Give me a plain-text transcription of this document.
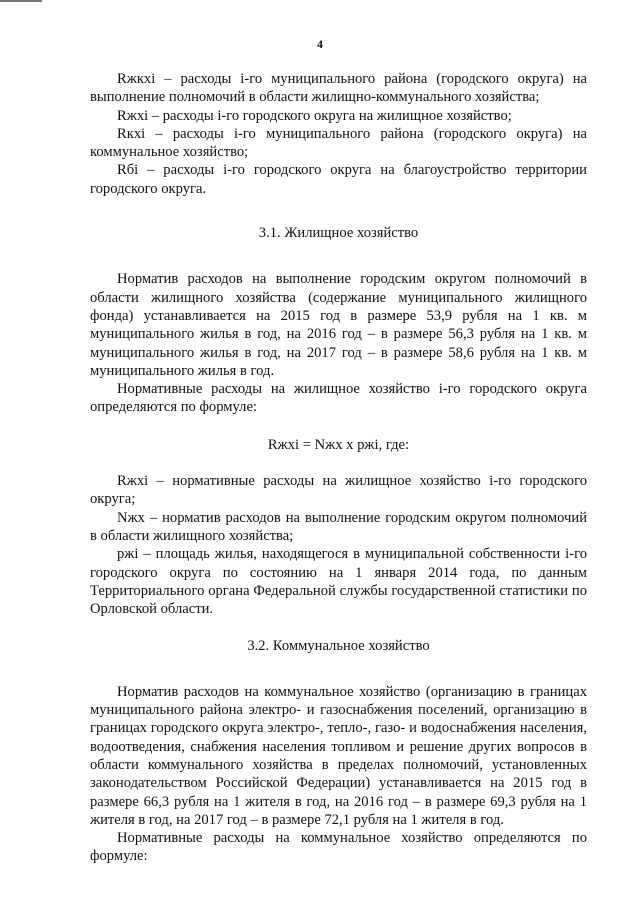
4

Rжкхi – расходы i-го муниципального района (городского округа) на выполнение полномочий в области жилищно-коммунального хозяйства;

Rжхi – расходы i-го городского округа на жилищное хозяйство;

Rкхi – расходы i-го муниципального района (городского округа) на коммунальное хозяйство;

Rбi – расходы i-го городского округа на благоустройство территории городского округа.

3.1. Жилищное хозяйство

Норматив расходов на выполнение городским округом полномочий в области жилищного хозяйства (содержание муниципального жилищного фонда) устанавливается на 2015 год в размере 53,9 рубля на 1 кв. м муниципального жилья в год, на 2016 год – в размере 56,3 рубля на 1 кв. м муниципального жилья в год, на 2017 год – в размере 58,6 рубля на 1 кв. м муниципального жилья в год.

Нормативные расходы на жилищное хозяйство i-го городского округа определяются по формуле:

Rжхi = Nжх x ржi, где:

Rжхi – нормативные расходы на жилищное хозяйство i-го городского округа;

Nжх – норматив расходов на выполнение городским округом полномочий в области жилищного хозяйства;

ржi – площадь жилья, находящегося в муниципальной собственности i-го городского округа по состоянию на 1 января 2014 года, по данным Территориального органа Федеральной службы государственной статистики по Орловской области.

3.2. Коммунальное хозяйство

Норматив расходов на коммунальное хозяйство (организацию в границах муниципального района электро- и газоснабжения поселений, организацию в границах городского округа электро-, тепло-, газо- и водоснабжения населения, водоотведения, снабжения населения топливом и решение других вопросов в области коммунального хозяйства в пределах полномочий, установленных законодательством Российской Федерации) устанавливается на 2015 год в размере 66,3 рубля на 1 жителя в год, на 2016 год – в размере 69,3 рубля на 1 жителя в год, на 2017 год – в размере 72,1 рубля на 1 жителя в год.

Нормативные расходы на коммунальное хозяйство определяются по формуле:
